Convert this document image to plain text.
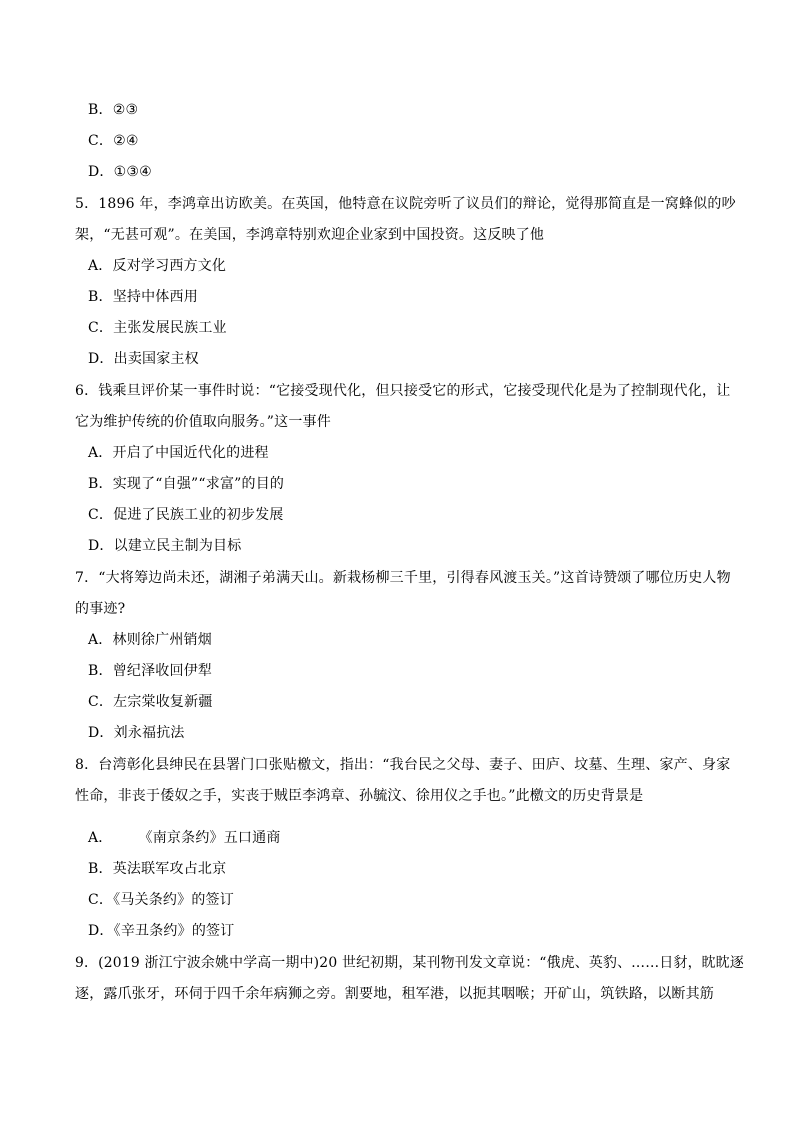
B．②③
C．②④
D．①③④
5．1896 年，李鸿章出访欧美。在英国，他特意在议院旁听了议员们的辩论，觉得那简直是一窝蜂似的吵
架，“无甚可观”。在美国，李鸿章特别欢迎企业家到中国投资。这反映了他
A．反对学习西方文化
B．坚持中体西用
C．主张发展民族工业
D．出卖国家主权
6．钱乘旦评价某一事件时说：“它接受现代化，但只接受它的形式，它接受现代化是为了控制现代化，让
它为维护传统的价值取向服务。”这一事件
A．开启了中国近代化的进程
B．实现了“自强”“求富”的目的
C．促进了民族工业的初步发展
D．以建立民主制为目标
7．“大将筹边尚未还，湖湘子弟满天山。新栽杨柳三千里，引得春风渡玉关。”这首诗赞颂了哪位历史人物
的事迹?
A．林则徐广州销烟
B．曾纪泽收回伊犁
C．左宗棠收复新疆
D．刘永福抗法
8．台湾彰化县绅民在县署门口张贴檄文，指出：“我台民之父母、妻子、田庐、坟墓、生理、家产、身家
性命，非丧于倭奴之手，实丧于贼臣李鸿章、孙毓汶、徐用仪之手也。”此檄文的历史背景是
A． 《南京条约》五口通商
B．英法联军攻占北京
C．《马关条约》的签订
D．《辛丑条约》的签订
9．(2019 浙江宁波余姚中学高一期中)20 世纪初期，某刊物刊发文章说：“俄虎、英豹、……日豺，眈眈逐
逐，露爪张牙，环伺于四千余年病狮之旁。割要地，租军港，以扼其咽喉；开矿山，筑铁路，以断其筋
